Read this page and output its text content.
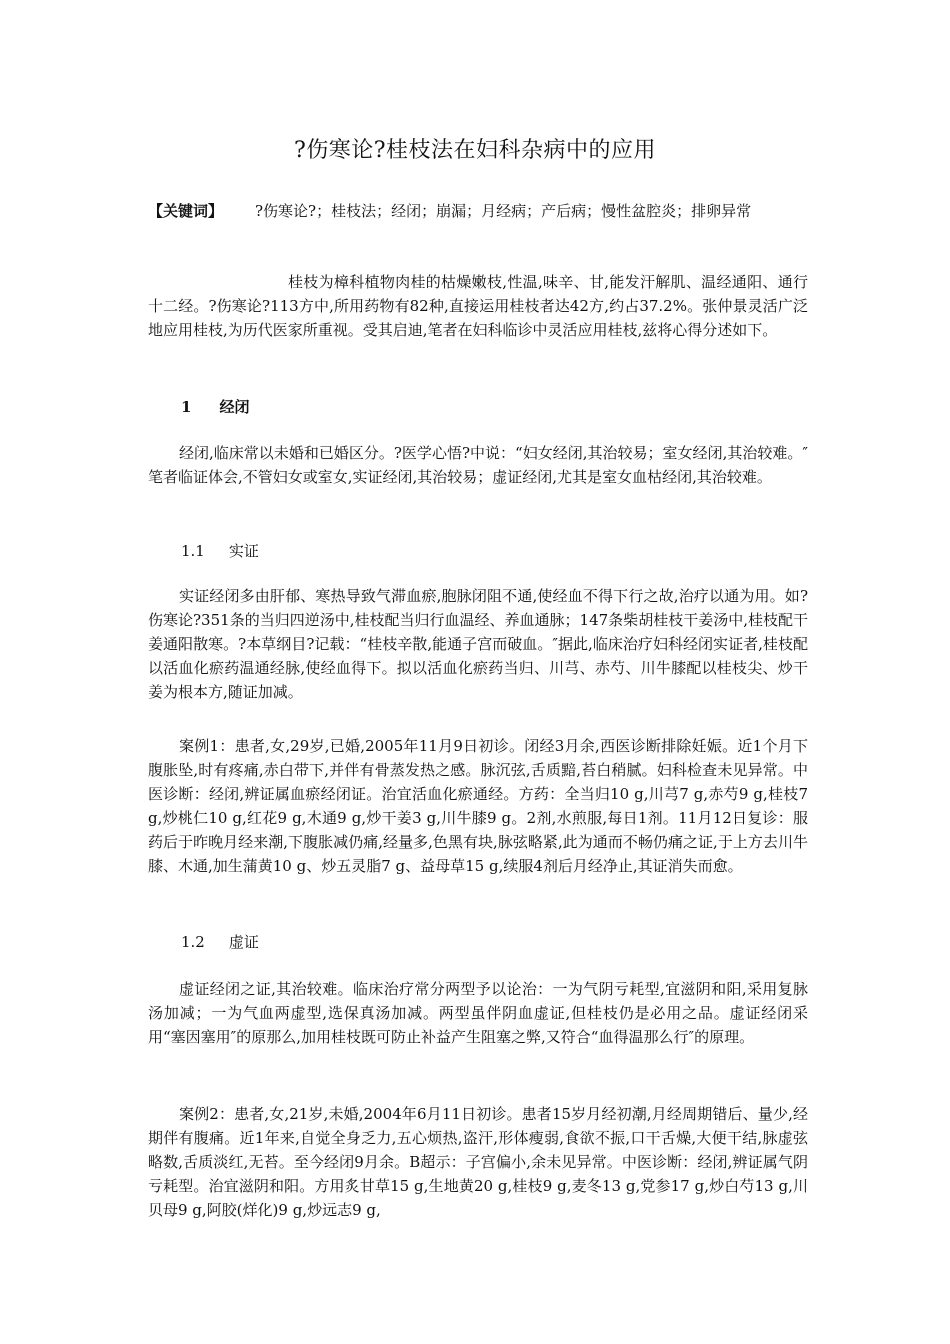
?伤寒论?桂枝法在妇科杂病中的应用
【关键词】 ?伤寒论?；桂枝法；经闭；崩漏；月经病；产后病；慢性盆腔炎；排卵异常
桂枝为樟科植物肉桂的枯燥嫩枝,性温,味辛、甘,能发汗解肌、温经通阳、通行十二经。?伤寒论?113方中,所用药物有82种,直接运用桂枝者达42方,约占37.2%。张仲景灵活广泛地应用桂枝,为历代医家所重视。受其启迪,笔者在妇科临诊中灵活应用桂枝,兹将心得分述如下。
1 经闭
经闭,临床常以未婚和已婚区分。?医学心悟?中说：“妇女经闭,其治较易；室女经闭,其治较难。″笔者临证体会,不管妇女或室女,实证经闭,其治较易；虚证经闭,尤其是室女血枯经闭,其治较难。
1.1 实证
实证经闭多由肝郁、寒热导致气滞血瘀,胞脉闭阻不通,使经血不得下行之故,治疗以通为用。如?伤寒论?351条的当归四逆汤中,桂枝配当归行血温经、养血通脉；147条柴胡桂枝干姜汤中,桂枝配干姜通阳散寒。?本草纲目?记载：“桂枝辛散,能通子宫而破血。″据此,临床治疗妇科经闭实证者,桂枝配以活血化瘀药温通经脉,使经血得下。拟以活血化瘀药当归、川芎、赤芍、川牛膝配以桂枝尖、炒干姜为根本方,随证加减。
案例1：患者,女,29岁,已婚,2005年11月9日初诊。闭经3月余,西医诊断排除妊娠。近1个月下腹胀坠,时有疼痛,赤白带下,并伴有骨蒸发热之感。脉沉弦,舌质黯,苔白稍腻。妇科检查未见异常。中医诊断：经闭,辨证属血瘀经闭证。治宜活血化瘀通经。方药：全当归10 g,川芎7 g,赤芍9 g,桂枝7 g,炒桃仁10 g,红花9 g,木通9 g,炒干姜3 g,川牛膝9 g。2剂,水煎服,每日1剂。11月12日复诊：服药后于昨晚月经来潮,下腹胀减仍痛,经量多,色黑有块,脉弦略紧,此为通而不畅仍痛之证,于上方去川牛膝、木通,加生蒲黄10 g、炒五灵脂7 g、益母草15 g,续服4剂后月经净止,其证消失而愈。
1.2 虚证
虚证经闭之证,其治较难。临床治疗常分两型予以论治：一为气阴亏耗型,宜滋阴和阳,采用复脉汤加减；一为气血两虚型,选保真汤加减。两型虽伴阴血虚证,但桂枝仍是必用之品。虚证经闭采用“塞因塞用″的原那么,加用桂枝既可防止补益产生阻塞之弊,又符合“血得温那么行″的原理。
案例2：患者,女,21岁,未婚,2004年6月11日初诊。患者15岁月经初潮,月经周期错后、量少,经期伴有腹痛。近1年来,自觉全身乏力,五心烦热,盗汗,形体瘦弱,食欲不振,口干舌燥,大便干结,脉虚弦略数,舌质淡红,无苔。至今经闭9月余。B超示：子宫偏小,余未见异常。中医诊断：经闭,辨证属气阴亏耗型。治宜滋阴和阳。方用炙甘草15 g,生地黄20 g,桂枝9 g,麦冬13 g,党参17 g,炒白芍13 g,川贝母9 g,阿胶(烊化)9 g,炒远志9 g,
